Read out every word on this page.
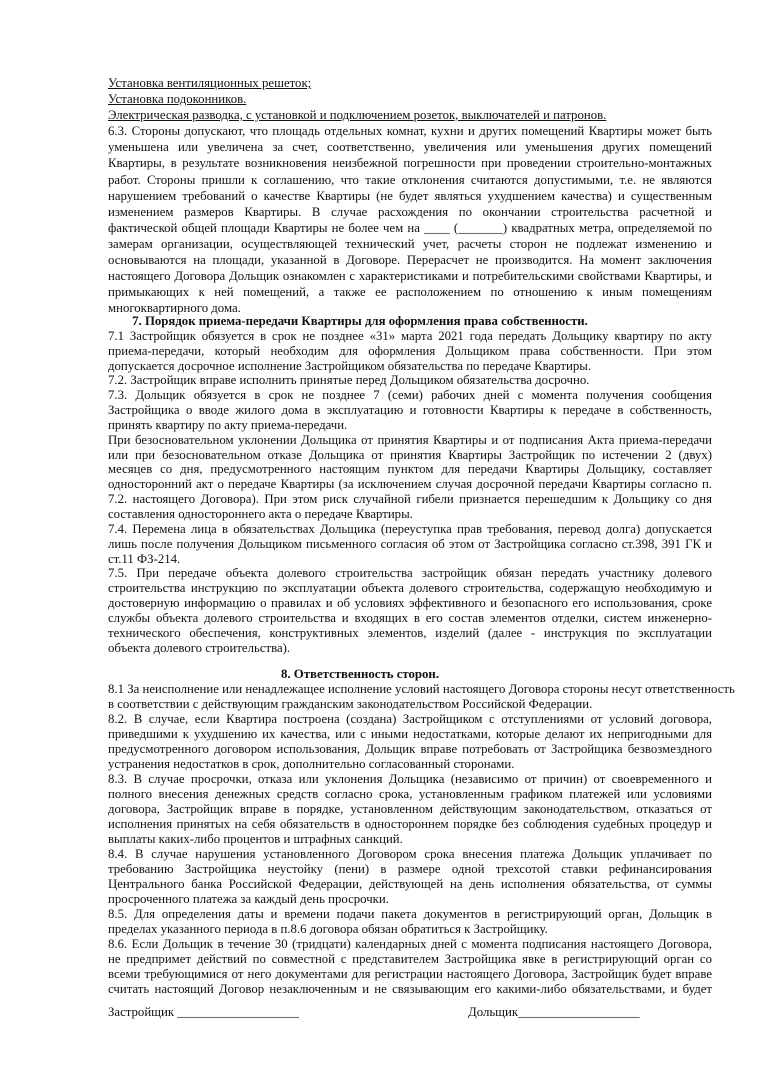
Установка вентиляционных решеток;
Установка подоконников.
Электрическая разводка, с установкой и подключением розеток, выключателей и патронов.
6.3. Стороны допускают, что площадь отдельных комнат, кухни и других помещений Квартиры может быть
уменьшена или увеличена за счет, соответственно, увеличения или уменьшения других помещений
Квартиры, в результате возникновения неизбежной погрешности при проведении строительно-монтажных
работ. Стороны пришли к соглашению, что такие отклонения считаются допустимыми, т.е. не являются
нарушением требований о качестве Квартиры (не будет являться ухудшением качества) и существенным
изменением размеров Квартиры. В случае расхождения по окончании строительства расчетной и
фактической общей площади Квартиры не более чем на ____ (_______) квадратных метра, определяемой по
замерам организации, осуществляющей технический учет, расчеты сторон не подлежат изменению и
основываются на площади, указанной в Договоре. Перерасчет не производится. На момент заключения
настоящего Договора Дольщик ознакомлен с характеристиками и потребительскими свойствами Квартиры, и
примыкающих к ней помещений, а также ее расположением по отношению к иным помещениям
многоквартирного дома.
7. Порядок приема-передачи Квартиры для оформления права собственности.
7.1 Застройщик обязуется в срок не позднее «31» марта 2021 года передать Дольщику квартиру по акту
приема-передачи, который необходим для оформления Дольщиком права собственности. При этом
допускается досрочное исполнение Застройщиком обязательства по передаче Квартиры.
7.2. Застройщик вправе исполнить принятые перед Дольщиком обязательства досрочно.
7.3. Дольщик обязуется в срок не позднее 7 (семи) рабочих дней с момента получения сообщения
Застройщика о вводе жилого дома в эксплуатацию и готовности Квартиры к передаче в собственность,
принять квартиру по акту приема-передачи.
При безосновательном уклонении Дольщика от принятия Квартиры и от подписания Акта приема-передачи
или при безосновательном отказе Дольщика от принятия Квартиры Застройщик по истечении 2 (двух)
месяцев со дня, предусмотренного настоящим пунктом для передачи Квартиры Дольщику, составляет
односторонний акт о передаче Квартиры (за исключением случая досрочной передачи Квартиры согласно п.
7.2. настоящего Договора). При этом риск случайной гибели признается перешедшим к Дольщику со дня
составления одностороннего акта о передаче Квартиры.
7.4. Перемена лица в обязательствах Дольщика (переуступка прав требования, перевод долга) допускается
лишь после получения Дольщиком письменного согласия об этом от Застройщика согласно ст.398, 391 ГК и
ст.11 ФЗ-214.
7.5. При передаче объекта долевого строительства застройщик обязан передать участнику долевого
строительства инструкцию по эксплуатации объекта долевого строительства, содержащую необходимую и
достоверную информацию о правилах и об условиях эффективного и безопасного его использования, сроке
службы объекта долевого строительства и входящих в его состав элементов отделки, систем инженерно-
технического обеспечения, конструктивных элементов, изделий (далее - инструкция по эксплуатации
объекта долевого строительства).
8. Ответственность сторон.
8.1 За неисполнение или ненадлежащее исполнение условий настоящего Договора стороны несут ответственность
в соответствии с действующим гражданским законодательством Российской Федерации.
8.2. В случае, если Квартира построена (создана) Застройщиком с отступлениями от условий договора,
приведшими к ухудшению их качества, или с иными недостатками, которые делают их непригодными для
предусмотренного договором использования, Дольщик вправе потребовать от Застройщика безвозмездного
устранения недостатков в срок, дополнительно согласованный сторонами.
8.3. В случае просрочки, отказа или уклонения Дольщика (независимо от причин) от своевременного и
полного внесения денежных средств согласно срока, установленным графиком платежей или условиями
договора, Застройщик вправе в порядке, установленном действующим законодательством, отказаться от
исполнения принятых на себя обязательств в одностороннем порядке без соблюдения судебных процедур и
выплаты каких-либо процентов и штрафных санкций.
8.4. В случае нарушения установленного Договором срока внесения платежа Дольщик уплачивает по
требованию Застройщика неустойку (пени) в размере одной трехсотой ставки рефинансирования
Центрального банка Российской Федерации, действующей на день исполнения обязательства, от суммы
просроченного платежа за каждый день просрочки.
8.5. Для определения даты и времени подачи пакета документов в регистрирующий орган, Дольщик в
пределах указанного периода в п.8.6 договора обязан обратиться к Застройщику.
8.6. Если Дольщик в течение 30 (тридцати) календарных дней с момента подписания настоящего Договора,
не предпримет действий по совместной с представителем Застройщика явке в регистрирующий орган со
всеми требующимися от него документами для регистрации настоящего Договора, Застройщик будет вправе
считать настоящий Договор незаключенным и не связывающим его какими-либо обязательствами, и будет
Застройщик ___________________	Дольщик___________________
